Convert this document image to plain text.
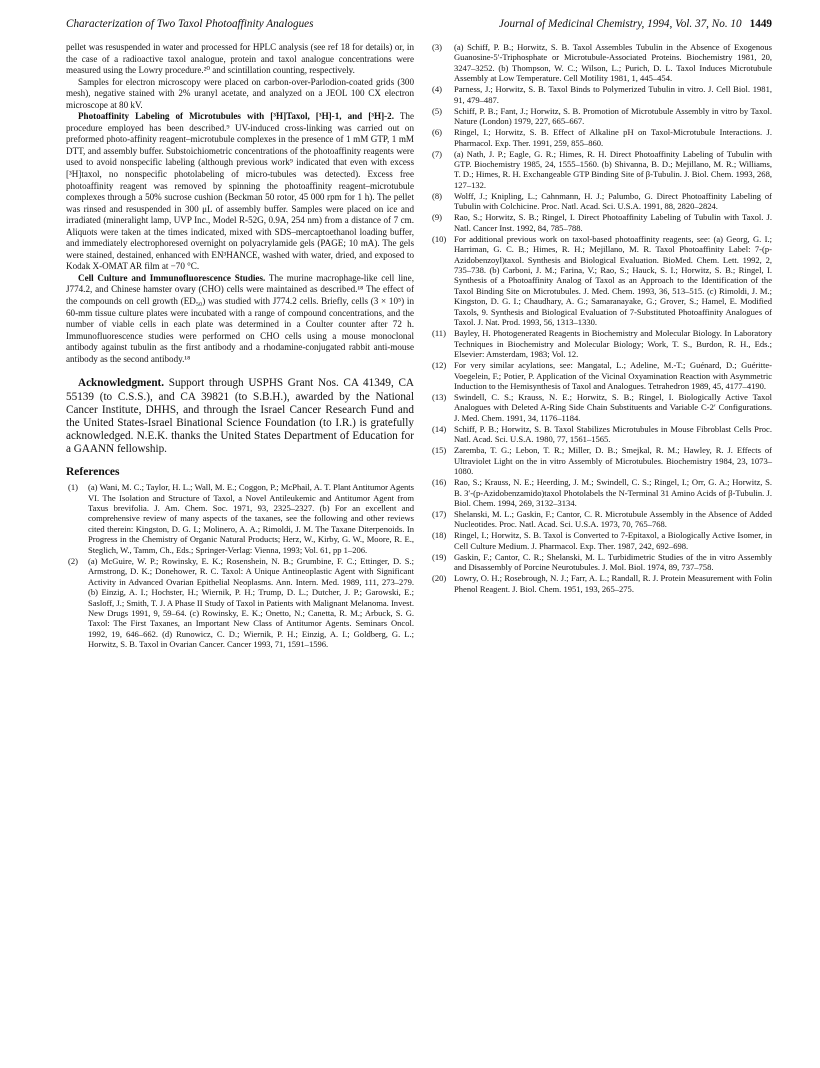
Characterization of Two Taxol Photoaffinity Analogues	Journal of Medicinal Chemistry, 1994, Vol. 37, No. 10 1449

pellet was resuspended in water and processed for HPLC analysis (see ref 18 for details) or, in the case of a radioactive taxol analogue, protein and taxol analogue concentrations were measured using the Lowry procedure.²⁰ and scintillation counting, respectively.

Samples for electron microscopy were placed on carbon-over-Parlodion-coated grids (300 mesh), negative stained with 2% uranyl acetate, and analyzed on a JEOL 100 CX electron microscope at 80 kV.

Photoaffinity Labeling of Microtubules with [³H]Taxol, [³H]-1, and [³H]-2. The procedure employed has been described.⁹ UV-induced cross-linking was carried out on preformed photo-affinity reagent–microtubule complexes in the presence of 1 mM GTP, 1 mM DTT, and assembly buffer. Substoichiometric concentrations of the photoaffinity reagents were used to avoid nonspecific labeling (although previous work⁹ indicated that even with excess [³H]taxol, no nonspecific photolabeling of micro-tubules was detected). Excess free photoaffinity reagent was removed by spinning the photoaffinity reagent–microtubule complexes through a 50% sucrose cushion (Beckman 50 rotor, 45 000 rpm for 1 h). The pellet was rinsed and resuspended in 300 μL of assembly buffer. Samples were placed on ice and irradiated (mineralight lamp, UVP Inc., Model R-52G, 0.9A, 254 nm) from a distance of 7 cm. Aliquots were taken at the times indicated, mixed with SDS–mercaptoethanol loading buffer, and immediately electrophoresed overnight on polyacrylamide gels (PAGE; 10 mA). The gels were stained, destained, enhanced with EN³HANCE, washed with water, dried, and exposed to Kodak X-OMAT AR film at −70 °C.

Cell Culture and Immunofluorescence Studies. The murine macrophage-like cell line, J774.2, and Chinese hamster ovary (CHO) cells were maintained as described.¹⁸ The effect of the compounds on cell growth (ED₅₀) was studied with J774.2 cells. Briefly, cells (3 × 10⁵) in 60-mm tissue culture plates were incubated with a range of compound concentrations, and the number of viable cells in each plate was determined in a Coulter counter after 72 h. Immunofluorescence studies were performed on CHO cells using a mouse monoclonal antibody against tubulin as the first antibody and a rhodamine-conjugated rabbit anti-mouse antibody as the second antibody.¹⁸

Acknowledgment. Support through USPHS Grant Nos. CA 41349, CA 55139 (to C.S.S.), and CA 39821 (to S.B.H.), awarded by the National Cancer Institute, DHHS, and through the Israel Cancer Research Fund and the United States-Israel Binational Science Foundation (to I.R.) is gratefully acknowledged. N.E.K. thanks the United States Department of Education for a GAANN fellowship.

References
(1) (a) Wani, M. C.; Taylor, H. L.; Wall, M. E.; Coggon, P.; McPhail, A. T. Plant Antitumor Agents VI. The Isolation and Structure of Taxol, a Novel Antileukemic and Antitumor Agent from Taxus brevifolia. J. Am. Chem. Soc. 1971, 93, 2325–2327. (b) For an excellent and comprehensive review of many aspects of the taxanes, see the following and other reviews cited therein: Kingston, D. G. I.; Molinero, A. A.; Rimoldi, J. M. The Taxane Diterpenoids. In Progress in the Chemistry of Organic Natural Products; Herz, W., Kirby, G. W., Moore, R. E., Steglich, W., Tamm, Ch., Eds.; Springer-Verlag: Vienna, 1993; Vol. 61, pp 1–206.
(2) (a) McGuire, W. P.; Rowinsky, E. K.; Rosenshein, N. B.; Grumbine, F. C.; Ettinger, D. S.; Armstrong, D. K.; Donehower, R. C. Taxol: A Unique Antineoplastic Agent with Significant Activity in Advanced Ovarian Epithelial Neoplasms. Ann. Intern. Med. 1989, 111, 273–279. (b) Einzig, A. I.; Hochster, H.; Wiernik, P. H.; Trump, D. L.; Dutcher, J. P.; Garowski, E.; Sasloff, J.; Smith, T. J. A Phase II Study of Taxol in Patients with Malignant Melanoma. Invest. New Drugs 1991, 9, 59–64. (c) Rowinsky, E. K.; Onetto, N.; Canetta, R. M.; Arbuck, S. G. Taxol: The First Taxanes, an Important New Class of Antitumor Agents. Seminars Oncol. 1992, 19, 646–662. (d) Runowicz, C. D.; Wiernik, P. H.; Einzig, A. I.; Goldberg, G. L.; Horwitz, S. B. Taxol in Ovarian Cancer. Cancer 1993, 71, 1591–1596.
(3) (a) Schiff, P. B.; Horwitz, S. B. Taxol Assembles Tubulin in the Absence of Exogenous Guanosine-5′-Triphosphate or Microtubule-Associated Proteins. Biochemistry 1981, 20, 3247–3252. (b) Thompson, W. C.; Wilson, L.; Purich, D. L. Taxol Induces Microtubule Assembly at Low Temperature. Cell Motility 1981, 1, 445–454.
(4) Parness, J.; Horwitz, S. B. Taxol Binds to Polymerized Tubulin in vitro. J. Cell Biol. 1981, 91, 479–487.
(5) Schiff, P. B.; Fant, J.; Horwitz, S. B. Promotion of Microtubule Assembly in vitro by Taxol. Nature (London) 1979, 227, 665–667.
(6) Ringel, I.; Horwitz, S. B. Effect of Alkaline pH on Taxol-Microtubule Interactions. J. Pharmacol. Exp. Ther. 1991, 259, 855–860.
(7) (a) Nath, J. P.; Eagle, G. R.; Himes, R. H. Direct Photoaffinity Labeling of Tubulin with GTP. Biochemistry 1985, 24, 1555–1560. (b) Shivanna, B. D.; Mejillano, M. R.; Williams, T. D.; Himes, R. H. Exchangeable GTP Binding Site of β-Tubulin. J. Biol. Chem. 1993, 268, 127–132.
(8) Wolff, J.; Knipling, L.; Cahnmann, H. J.; Palumbo, G. Direct Photoaffinity Labeling of Tubulin with Colchicine. Proc. Natl. Acad. Sci. U.S.A. 1991, 88, 2820–2824.
(9) Rao, S.; Horwitz, S. B.; Ringel, I. Direct Photoaffinity Labeling of Tubulin with Taxol. J. Natl. Cancer Inst. 1992, 84, 785–788.
(10) For additional previous work on taxol-based photoaffinity reagents, see: (a) Georg, G. I.; Harriman, G. C. B.; Himes, R. H.; Mejillano, M. R. Taxol Photoaffinity Label: 7-(p-Azidobenzoyl)taxol. Synthesis and Biological Evaluation. BioMed. Chem. Lett. 1992, 2, 735–738. (b) Carboni, J. M.; Farina, V.; Rao, S.; Hauck, S. I.; Horwitz, S. B.; Ringel, I. Synthesis of a Photoaffinity Analog of Taxol as an Approach to the Identification of the Taxol Binding Site on Microtubules. J. Med. Chem. 1993, 36, 513–515. (c) Rimoldi, J. M.; Kingston, D. G. I.; Chaudhary, A. G.; Samaranayake, G.; Grover, S.; Hamel, E. Modified Taxols, 9. Synthesis and Biological Evaluation of 7-Substituted Photoaffinity Analogues of Taxol. J. Nat. Prod. 1993, 56, 1313–1330.
(11) Bayley, H. Photogenerated Reagents in Biochemistry and Molecular Biology. In Laboratory Techniques in Biochemistry and Molecular Biology; Work, T. S., Burdon, R. H., Eds.; Elsevier: Amsterdam, 1983; Vol. 12.
(12) For very similar acylations, see: Mangatal, L.; Adeline, M.-T.; Guénard, D.; Guéritte-Voegelein, F.; Potier, P. Application of the Vicinal Oxyamination Reaction with Asymmetric Induction to the Hemisynthesis of Taxol and Analogues. Tetrahedron 1989, 45, 4177–4190.
(13) Swindell, C. S.; Krauss, N. E.; Horwitz, S. B.; Ringel, I. Biologically Active Taxol Analogues with Deleted A-Ring Side Chain Substituents and Variable C-2′ Configurations. J. Med. Chem. 1991, 34, 1176–1184.
(14) Schiff, P. B.; Horwitz, S. B. Taxol Stabilizes Microtubules in Mouse Fibroblast Cells Proc. Natl. Acad. Sci. U.S.A. 1980, 77, 1561–1565.
(15) Zaremba, T. G.; Lebon, T. R.; Miller, D. B.; Smejkal, R. M.; Hawley, R. J. Effects of Ultraviolet Light on the in vitro Assembly of Microtubules. Biochemistry 1984, 23, 1073–1080.
(16) Rao, S.; Krauss, N. E.; Heerding, J. M.; Swindell, C. S.; Ringel, I.; Orr, G. A.; Horwitz, S. B. 3′-(p-Azidobenzamido)taxol Photolabels the N-Terminal 31 Amino Acids of β-Tubulin. J. Biol. Chem. 1994, 269, 3132–3134.
(17) Shelanski, M. L.; Gaskin, F.; Cantor, C. R. Microtubule Assembly in the Absence of Added Nucleotides. Proc. Natl. Acad. Sci. U.S.A. 1973, 70, 765–768.
(18) Ringel, I.; Horwitz, S. B. Taxol is Converted to 7-Epitaxol, a Biologically Active Isomer, in Cell Culture Medium. J. Pharmacol. Exp. Ther. 1987, 242, 692–698.
(19) Gaskin, F.; Cantor, C. R.; Shelanski, M. L. Turbidimetric Studies of the in vitro Assembly and Disassembly of Porcine Neurotubules. J. Mol. Biol. 1974, 89, 737–758.
(20) Lowry, O. H.; Rosebrough, N. J.; Farr, A. L.; Randall, R. J. Protein Measurement with Folin Phenol Reagent. J. Biol. Chem. 1951, 193, 265–275.
